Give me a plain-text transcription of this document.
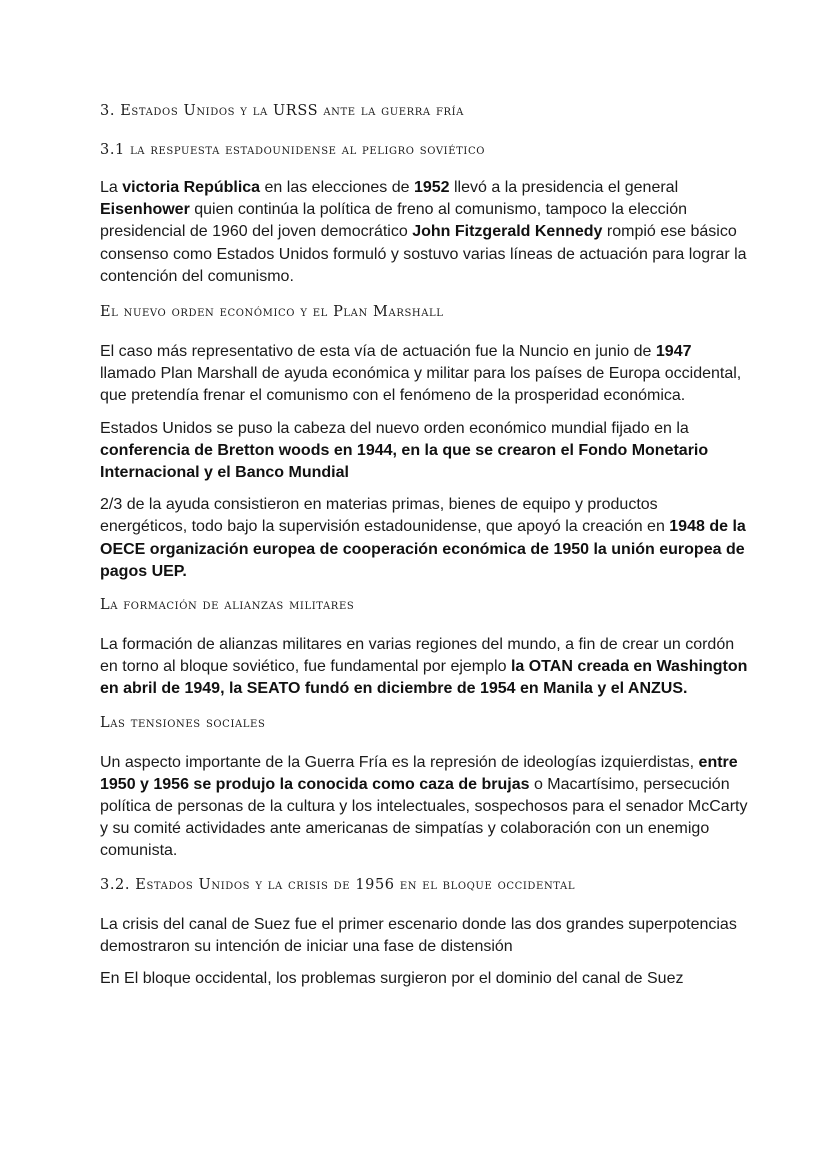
3. Estados Unidos y la URSS ante la guerra fría
3.1 la respuesta estadounidense al peligro soviético

La victoria República en las elecciones de 1952 llevó a la presidencia el general Eisenhower quien continúa la política de freno al comunismo, tampoco la elección presidencial de 1960 del joven democrático John Fitzgerald Kennedy rompió ese básico consenso como Estados Unidos formuló y sostuvo varias líneas de actuación para lograr la contención del comunismo.

El nuevo orden económico y el Plan Marshall

El caso más representativo de esta vía de actuación fue la Nuncio en junio de 1947 llamado Plan Marshall de ayuda económica y militar para los países de Europa occidental, que pretendía frenar el comunismo con el fenómeno de la prosperidad económica.

Estados Unidos se puso la cabeza del nuevo orden económico mundial fijado en la conferencia de Bretton woods en 1944, en la que se crearon el Fondo Monetario Internacional y el Banco Mundial

2/3 de la ayuda consistieron en materias primas, bienes de equipo y productos energéticos, todo bajo la supervisión estadounidense, que apoyó la creación en 1948 de la OECE organización europea de cooperación económica de 1950 la unión europea de pagos UEP.

La formación de alianzas militares

La formación de alianzas militares en varias regiones del mundo, a fin de crear un cordón en torno al bloque soviético, fue fundamental por ejemplo la OTAN creada en Washington en abril de 1949, la SEATO fundó en diciembre de 1954 en Manila y el ANZUS.

Las tensiones sociales

Un aspecto importante de la Guerra Fría es la represión de ideologías izquierdistas, entre 1950 y 1956 se produjo la conocida como caza de brujas o Macartísimo, persecución política de personas de la cultura y los intelectuales, sospechosos para el senador McCarty y su comité actividades ante americanas de simpatías y colaboración con un enemigo comunista.

3.2. Estados Unidos y la crisis de 1956 en el bloque occidental

La crisis del canal de Suez fue el primer escenario donde las dos grandes superpotencias demostraron su intención de iniciar una fase de distensión

En El bloque occidental, los problemas surgieron por el dominio del canal de Suez
